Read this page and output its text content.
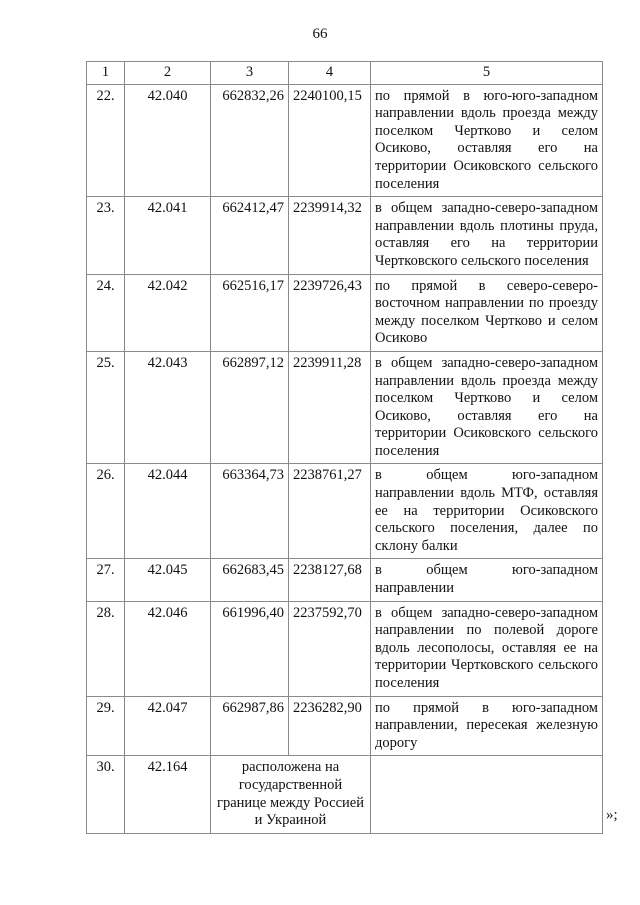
66
1	2	3	4	5
22.	42.040	662832,26	2240100,15	по прямой в юго-юго-западном направлении вдоль проезда между поселком Чертково и селом Осиково, оставляя его на территории Осиковского сельского поселения
23.	42.041	662412,47	2239914,32	в общем западно-северо-западном направлении вдоль плотины пруда, оставляя его на территории Чертковского сельского поселения
24.	42.042	662516,17	2239726,43	по прямой в северо-северо-восточном направлении по проезду между поселком Чертково и селом Осиково
25.	42.043	662897,12	2239911,28	в общем западно-северо-западном направлении вдоль проезда между поселком Чертково и селом Осиково, оставляя его на территории Осиковского сельского поселения
26.	42.044	663364,73	2238761,27	в общем юго-западном направлении вдоль МТФ, оставляя ее на территории Осиковского сельского поселения, далее по склону балки
27.	42.045	662683,45	2238127,68	в общем юго-западном направлении
28.	42.046	661996,40	2237592,70	в общем западно-северо-западном направлении по полевой дороге вдоль лесополосы, оставляя ее на территории Чертковского сельского поселения
29.	42.047	662987,86	2236282,90	по прямой в юго-западном направлении, пересекая железную дорогу
30.	42.164	расположена на государственной границе между Россией и Украиной			»;
